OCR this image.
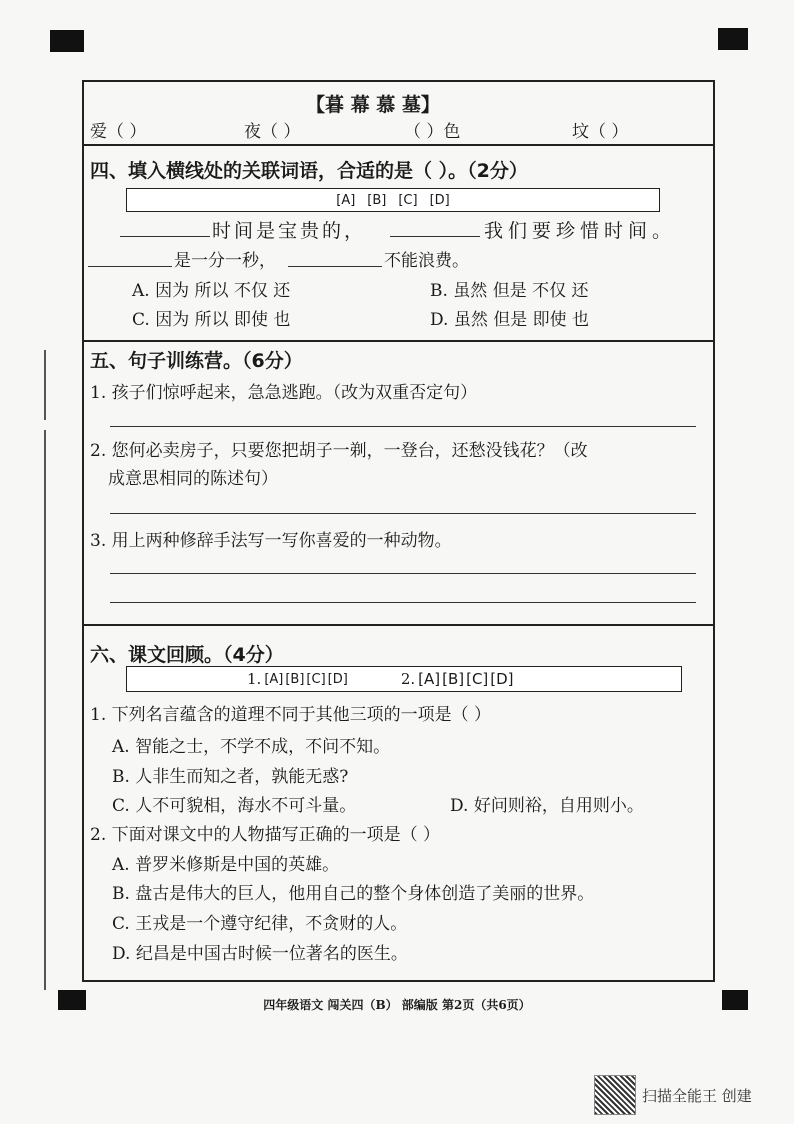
【暮 幕 慕 墓】
爱（ ）	夜（ ）	（ ）色	坟（ ）
四、填入横线处的关联词语，合适的是（ ）。（2分）
[A] [B] [C] [D]
时间是宝贵的，	我们要珍惜时间。
是一分一秒，	不能浪费。
A. 因为 所以 不仅 还	B. 虽然 但是 不仅 还
C. 因为 所以 即使 也	D. 虽然 但是 即使 也
五、句子训练营。（6分）
1. 孩子们惊呼起来，急急逃跑。（改为双重否定句）
2. 您何必卖房子，只要您把胡子一剃，一登台，还愁没钱花？（改
成意思相同的陈述句）
3. 用上两种修辞手法写一写你喜爱的一种动物。
六、课文回顾。（4分）
1. [A] [B] [C] [D]	2. [A] [B] [C] [D]
1. 下列名言蕴含的道理不同于其他三项的一项是（ ）
A. 智能之士，不学不成，不问不知。
B. 人非生而知之者，孰能无惑?
C. 人不可貌相，海水不可斗量。	D. 好问则裕，自用则小。
2. 下面对课文中的人物描写正确的一项是（ ）
A. 普罗米修斯是中国的英雄。
B. 盘古是伟大的巨人，他用自己的整个身体创造了美丽的世界。
C. 王戎是一个遵守纪律，不贪财的人。
D. 纪昌是中国古时候一位著名的医生。
四年级语文 闯关四（B） 部编版 第2页（共6页）
扫描全能王 创建
